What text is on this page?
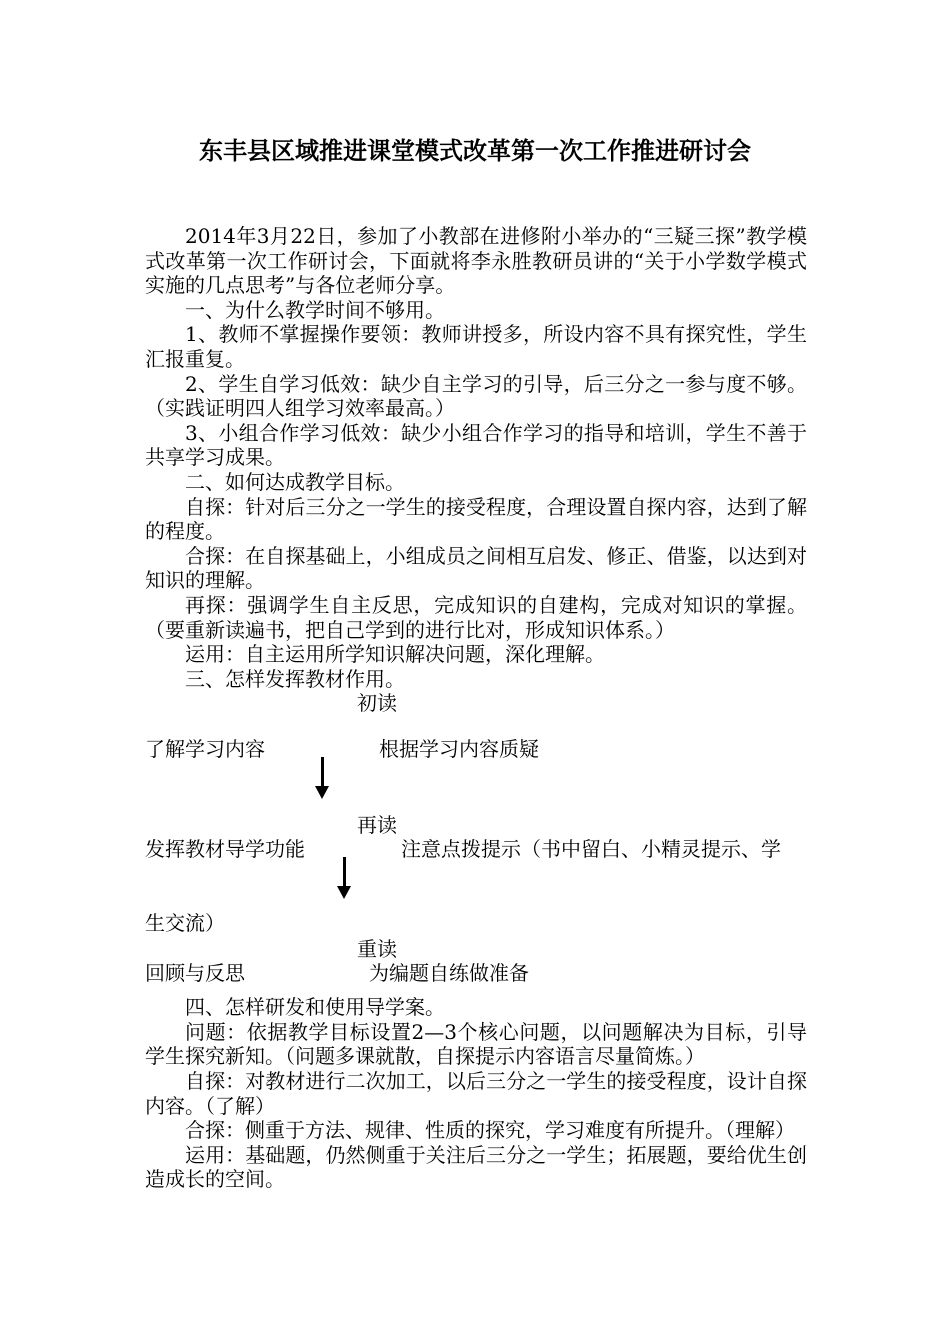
东丰县区域推进课堂模式改革第一次工作推进研讨会

2014年3月22日，参加了小教部在进修附小举办的“三疑三探”教学模式改革第一次工作研讨会，下面就将李永胜教研员讲的“关于小学数学模式实施的几点思考”与各位老师分享。

一、为什么教学时间不够用。

1、教师不掌握操作要领：教师讲授多，所设内容不具有探究性，学生汇报重复。

2、学生自学习低效：缺少自主学习的引导，后三分之一参与度不够。（实践证明四人组学习效率最高。）

3、小组合作学习低效：缺少小组合作学习的指导和培训，学生不善于共享学习成果。

二、如何达成教学目标。

自探：针对后三分之一学生的接受程度，合理设置自探内容，达到了解的程度。

合探：在自探基础上，小组成员之间相互启发、修正、借鉴，以达到对知识的理解。

再探：强调学生自主反思，完成知识的自建构，完成对知识的掌握。（要重新读遍书，把自己学到的进行比对，形成知识体系。）

运用：自主运用所学知识解决问题，深化理解。

三、怎样发挥教材作用。

初读
了解学习内容	根据学习内容质疑
再读
发挥教材导学功能	注意点拨提示（书中留白、小精灵提示、学
生交流）
重读
回顾与反思	为编题自练做准备

四、怎样研发和使用导学案。

问题：依据教学目标设置2—3个核心问题，以问题解决为目标，引导学生探究新知。（问题多课就散，自探提示内容语言尽量简炼。）

自探：对教材进行二次加工，以后三分之一学生的接受程度，设计自探内容。（了解）

合探：侧重于方法、规律、性质的探究，学习难度有所提升。（理解）

运用：基础题，仍然侧重于关注后三分之一学生；拓展题，要给优生创造成长的空间。
